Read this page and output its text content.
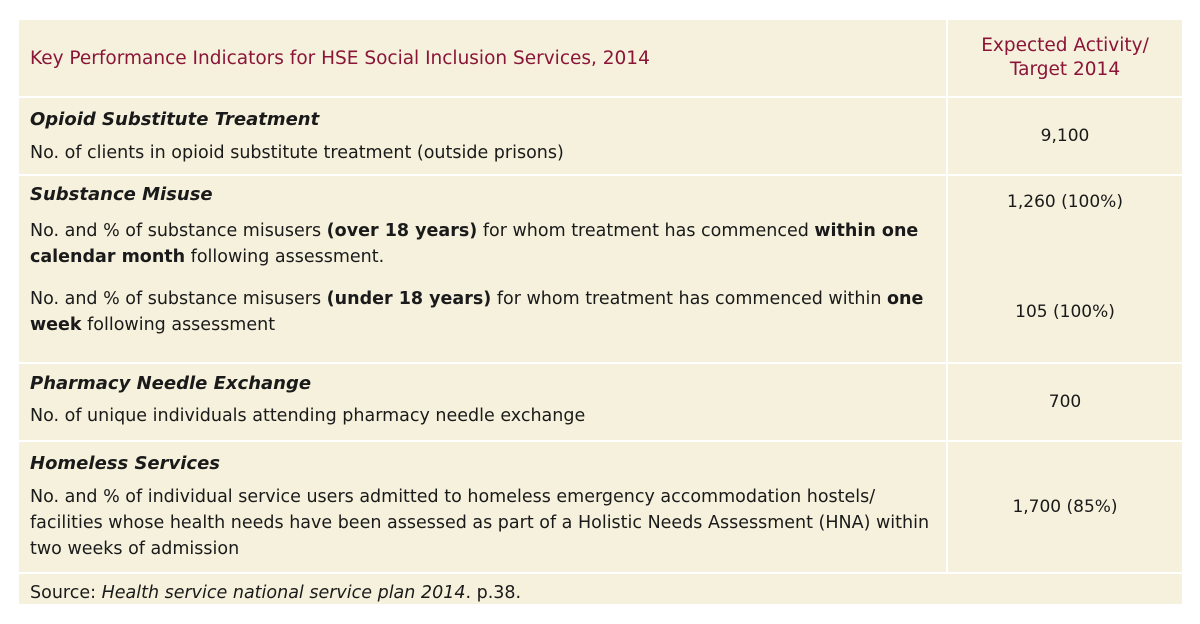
Key Performance Indicators for HSE Social Inclusion Services, 2014	Expected Activity/
Target 2014

Opioid Substitute Treatment
No. of clients in opioid substitute treatment (outside prisons)	9,100

Substance Misuse	

No. and % of substance misusers (over 18 years) for whom treatment has commenced within one calendar month following assessment.	1,260 (100%)

No. and % of substance misusers (under 18 years) for whom treatment has commenced within one week following assessment	105 (100%)

Pharmacy Needle Exchange
No. of unique individuals attending pharmacy needle exchange	700

Homeless Services
No. and % of individual service users admitted to homeless emergency accommodation hostels/ facilities whose health needs have been assessed as part of a Holistic Needs Assessment (HNA) within two weeks of admission	1,700 (85%)

Source: Health service national service plan 2014. p.38.	
